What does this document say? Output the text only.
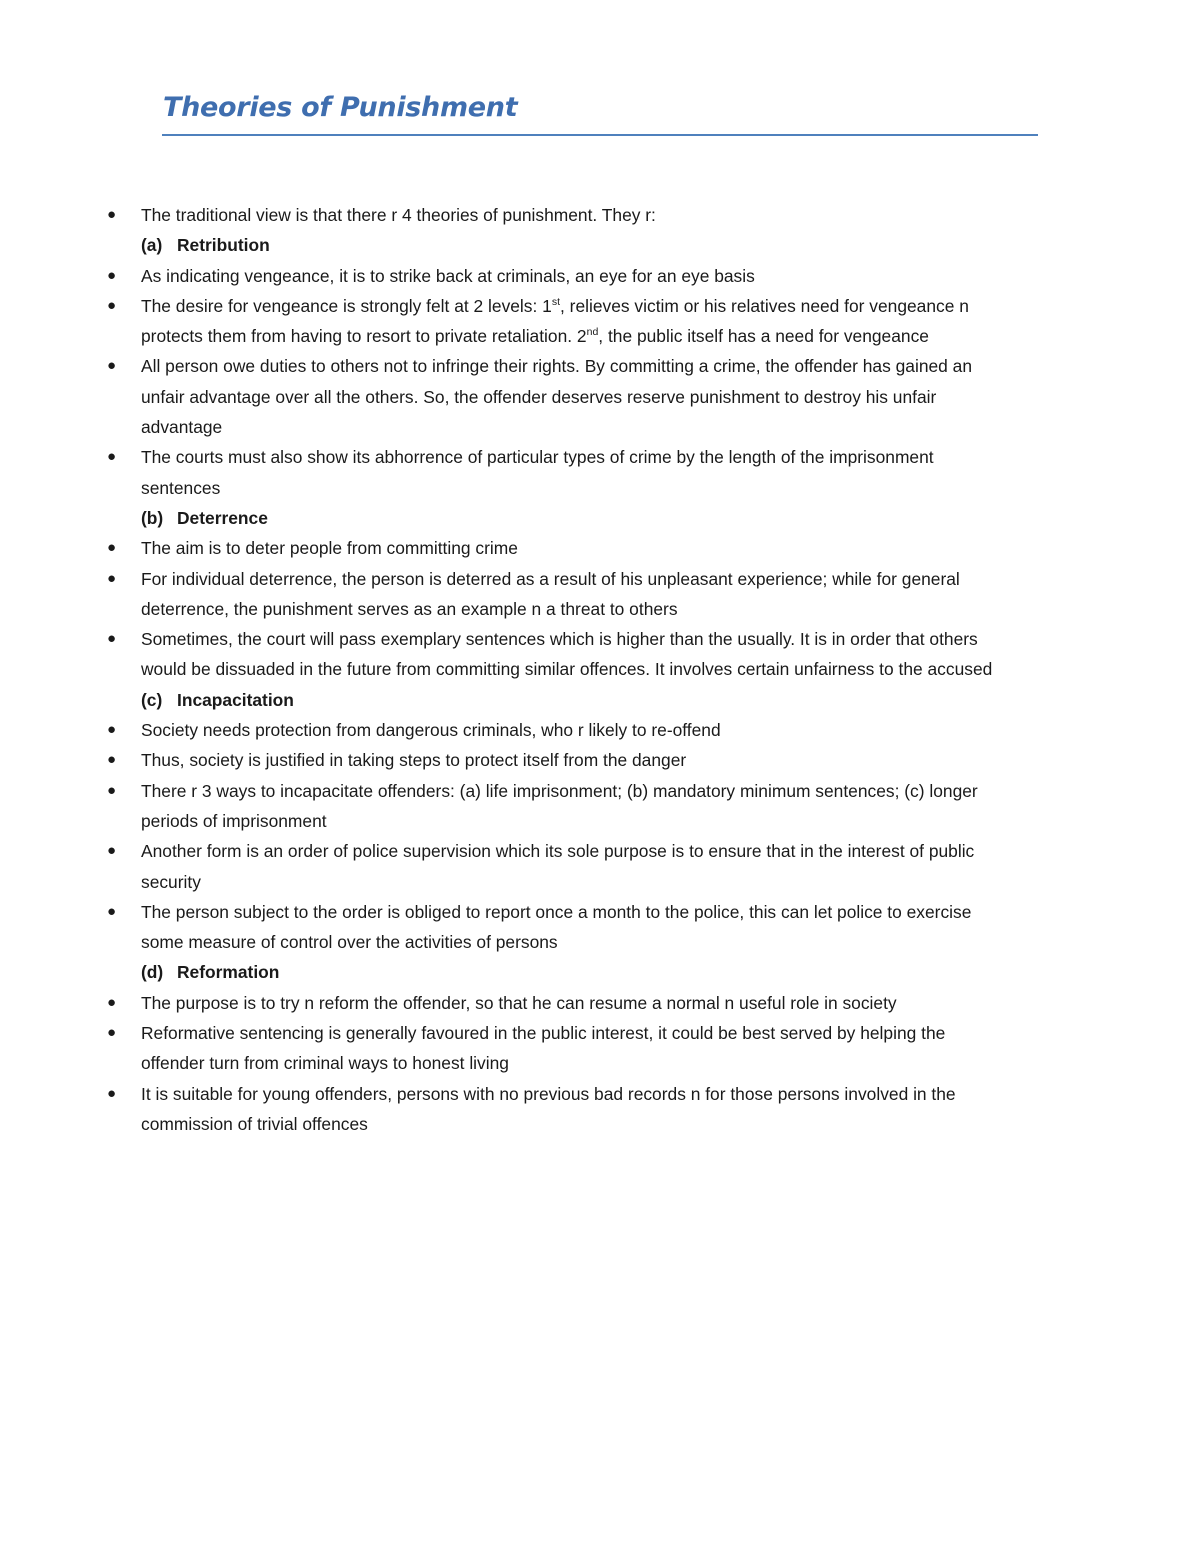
Theories of Punishment
● The traditional view is that there r 4 theories of punishment. They r:
(a) Retribution
● As indicating vengeance, it is to strike back at criminals, an eye for an eye basis
● The desire for vengeance is strongly felt at 2 levels: 1st, relieves victim or his relatives need for vengeance n
protects them from having to resort to private retaliation. 2nd, the public itself has a need for vengeance
● All person owe duties to others not to infringe their rights. By committing a crime, the offender has gained an
unfair advantage over all the others. So, the offender deserves reserve punishment to destroy his unfair
advantage
● The courts must also show its abhorrence of particular types of crime by the length of the imprisonment
sentences
(b) Deterrence
● The aim is to deter people from committing crime
● For individual deterrence, the person is deterred as a result of his unpleasant experience; while for general
deterrence, the punishment serves as an example n a threat to others
● Sometimes, the court will pass exemplary sentences which is higher than the usually. It is in order that others
would be dissuaded in the future from committing similar offences. It involves certain unfairness to the accused
(c) Incapacitation
● Society needs protection from dangerous criminals, who r likely to re-offend
● Thus, society is justified in taking steps to protect itself from the danger
● There r 3 ways to incapacitate offenders: (a) life imprisonment; (b) mandatory minimum sentences; (c) longer
periods of imprisonment
● Another form is an order of police supervision which its sole purpose is to ensure that in the interest of public
security
● The person subject to the order is obliged to report once a month to the police, this can let police to exercise
some measure of control over the activities of persons
(d) Reformation
● The purpose is to try n reform the offender, so that he can resume a normal n useful role in society
● Reformative sentencing is generally favoured in the public interest, it could be best served by helping the
offender turn from criminal ways to honest living
● It is suitable for young offenders, persons with no previous bad records n for those persons involved in the
commission of trivial offences
